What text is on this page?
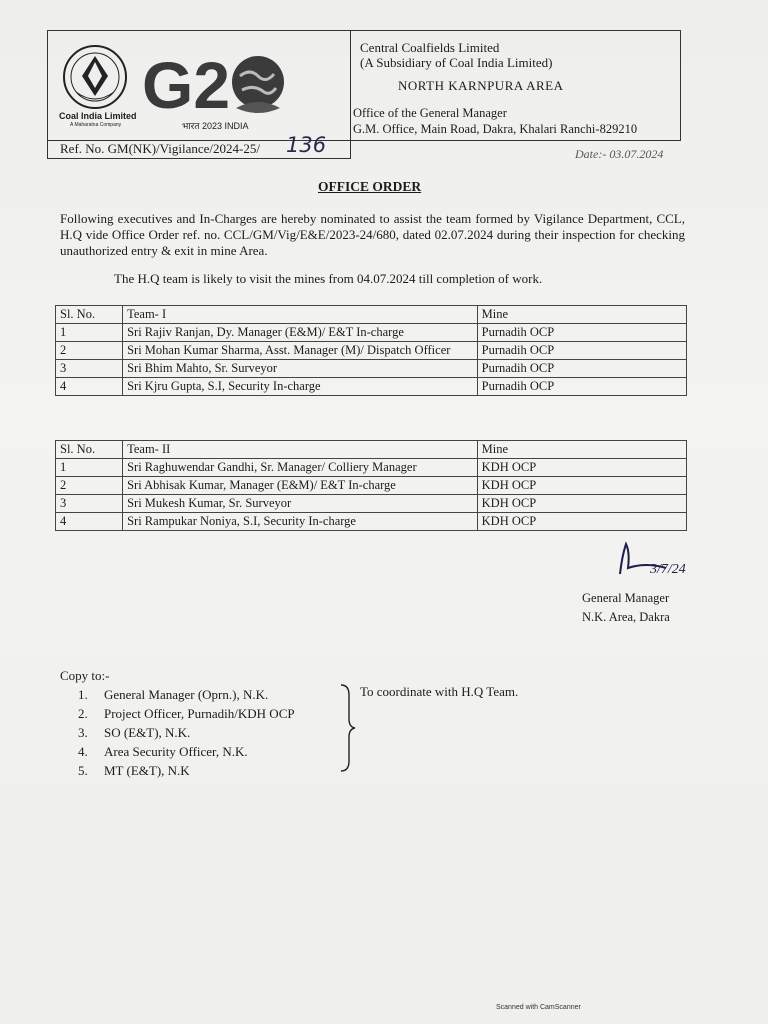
Coal India Limited
A Maharatna Company
G2
भारत 2023 INDIA
Central Coalfields Limited
(A Subsidiary of Coal India Limited)
NORTH KARNPURA AREA
Office of the General Manager
G.M. Office, Main Road, Dakra, Khalari Ranchi-829210
Ref. No. GM(NK)/Vigilance/2024-25/ 136	Date:- 03.07.2024
OFFICE ORDER
Following executives and In-Charges are hereby nominated to assist the team formed by Vigilance Department, CCL, H.Q vide Office Order ref. no. CCL/GM/Vig/E&E/2023-24/680, dated 02.07.2024 during their inspection for checking unauthorized entry & exit in mine Area.
The H.Q team is likely to visit the mines from 04.07.2024 till completion of work.
Sl. No.	Team- I	Mine
1	Sri Rajiv Ranjan, Dy. Manager (E&M)/ E&T In-charge	Purnadih OCP
2	Sri Mohan Kumar Sharma, Asst. Manager (M)/ Dispatch Officer	Purnadih OCP
3	Sri Bhim Mahto, Sr. Surveyor	Purnadih OCP
4	Sri Kjru Gupta, S.I, Security In-charge	Purnadih OCP
Sl. No.	Team- II	Mine
1	Sri Raghuwendar Gandhi, Sr. Manager/ Colliery Manager	KDH OCP
2	Sri Abhisak Kumar, Manager (E&M)/ E&T In-charge	KDH OCP
3	Sri Mukesh Kumar, Sr. Surveyor	KDH OCP
4	Sri Rampukar Noniya, S.I, Security In-charge	KDH OCP
3/7/24
General Manager
N.K. Area, Dakra
Copy to:-
1. General Manager (Oprn.), N.K.
2. Project Officer, Purnadih/KDH OCP
3. SO (E&T), N.K.
4. Area Security Officer, N.K.
5. MT (E&T), N.K
To coordinate with H.Q Team.
Scanned with CamScanner
